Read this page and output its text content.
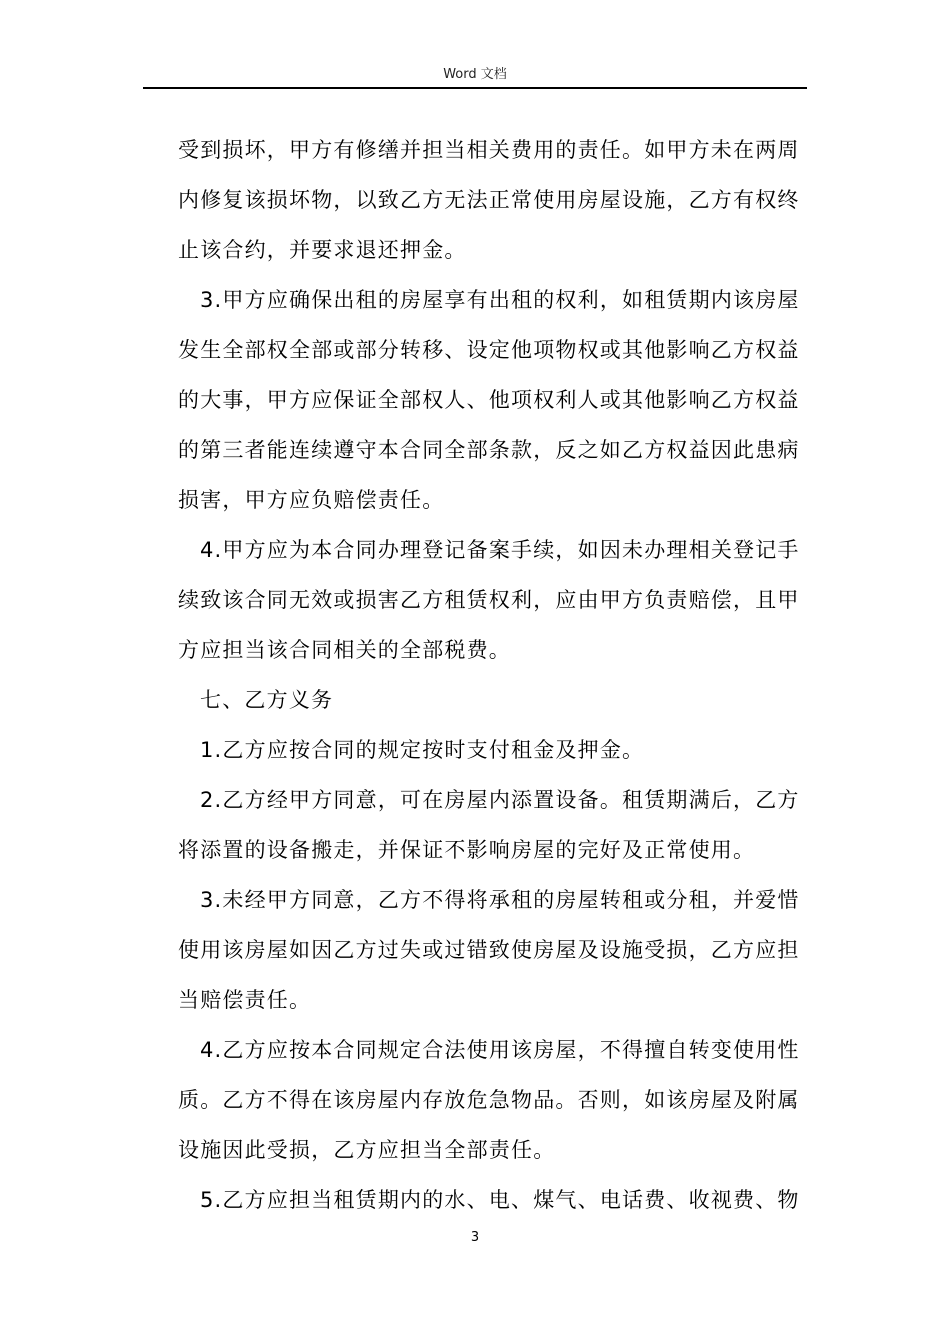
Word 文档
受到损坏，甲方有修缮并担当相关费用的责任。如甲方未在两周
内修复该损坏物，以致乙方无法正常使用房屋设施，乙方有权终
止该合约，并要求退还押金。
3.甲方应确保出租的房屋享有出租的权利，如租赁期内该房屋
发生全部权全部或部分转移、设定他项物权或其他影响乙方权益
的大事，甲方应保证全部权人、他项权利人或其他影响乙方权益
的第三者能连续遵守本合同全部条款，反之如乙方权益因此患病
损害，甲方应负赔偿责任。
4.甲方应为本合同办理登记备案手续，如因未办理相关登记手
续致该合同无效或损害乙方租赁权利，应由甲方负责赔偿，且甲
方应担当该合同相关的全部税费。
七、乙方义务
1.乙方应按合同的规定按时支付租金及押金。
2.乙方经甲方同意，可在房屋内添置设备。租赁期满后，乙方
将添置的设备搬走，并保证不影响房屋的完好及正常使用。
3.未经甲方同意，乙方不得将承租的房屋转租或分租，并爱惜
使用该房屋如因乙方过失或过错致使房屋及设施受损，乙方应担
当赔偿责任。
4.乙方应按本合同规定合法使用该房屋，不得擅自转变使用性
质。乙方不得在该房屋内存放危急物品。否则，如该房屋及附属
设施因此受损，乙方应担当全部责任。
5.乙方应担当租赁期内的水、电、煤气、电话费、收视费、物
3
